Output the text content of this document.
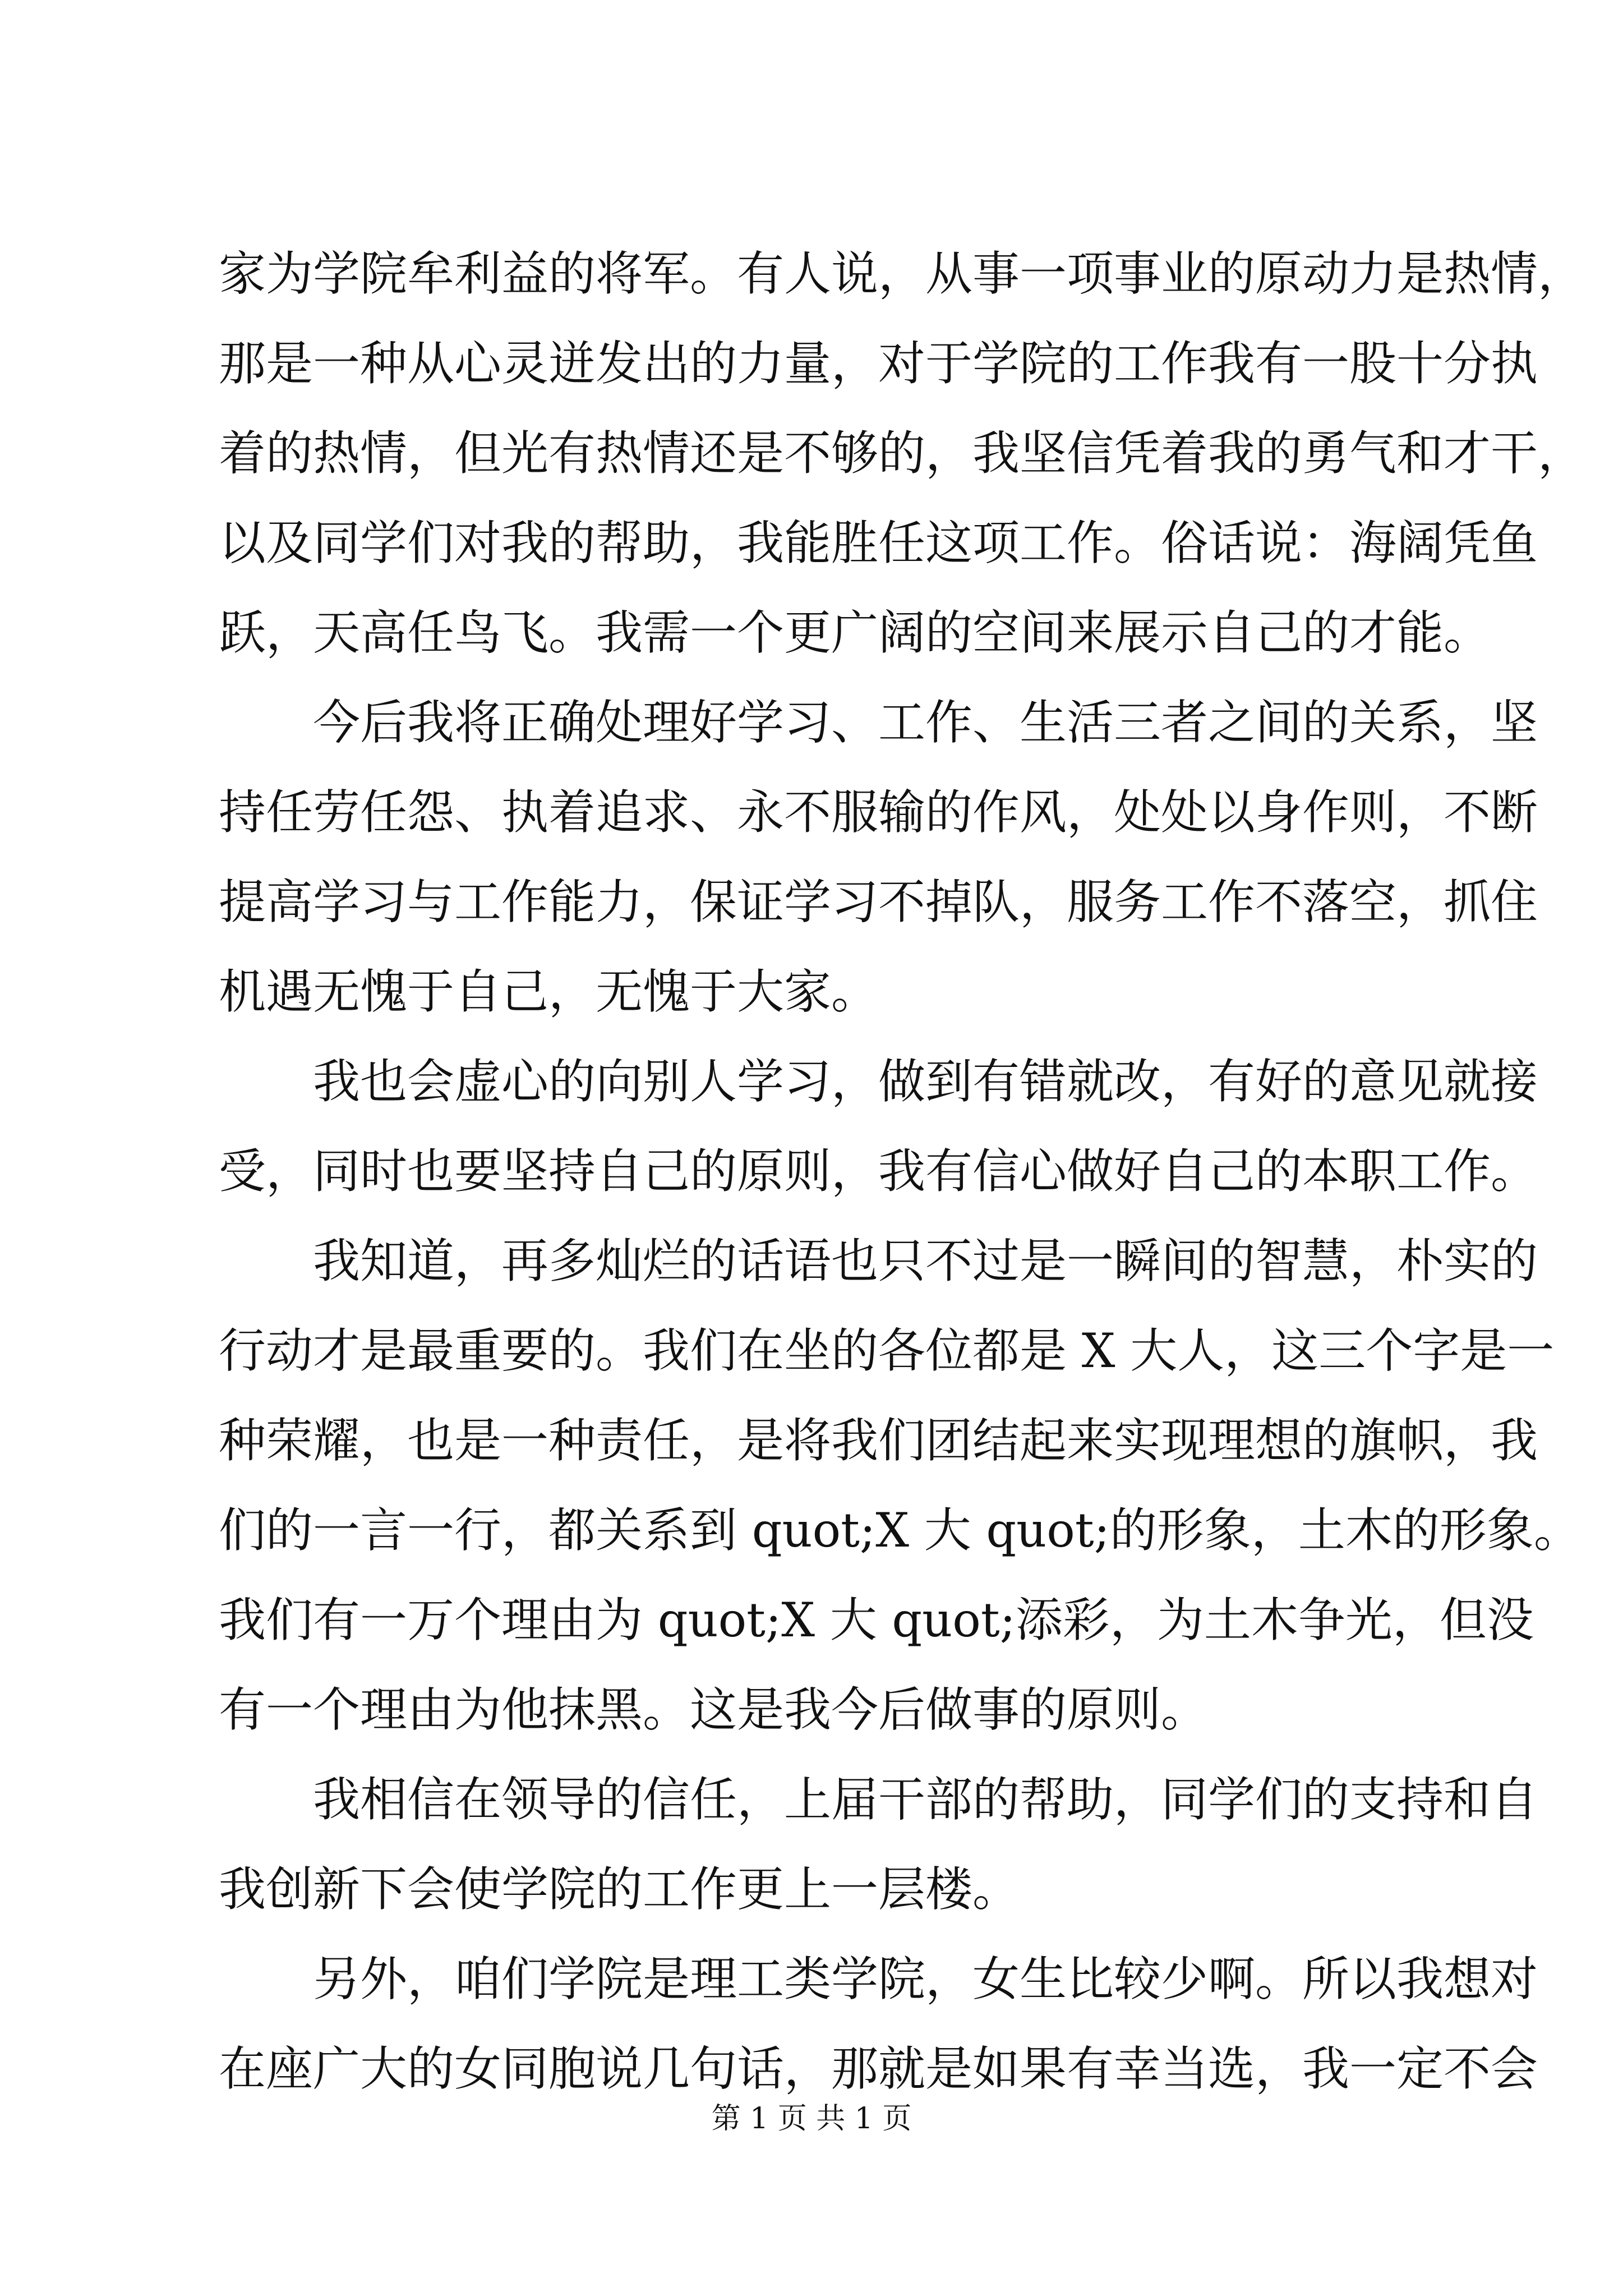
家为学院牟利益的将军。有人说，从事一项事业的原动力是热情，
那是一种从心灵迸发出的力量，对于学院的工作我有一股十分执
着的热情，但光有热情还是不够的，我坚信凭着我的勇气和才干，
以及同学们对我的帮助，我能胜任这项工作。俗话说：海阔凭鱼
跃，天高任鸟飞。我需一个更广阔的空间来展示自己的才能。
今后我将正确处理好学习、工作、生活三者之间的关系，坚
持任劳任怨、执着追求、永不服输的作风，处处以身作则，不断
提高学习与工作能力，保证学习不掉队，服务工作不落空，抓住
机遇无愧于自己，无愧于大家。
我也会虚心的向别人学习，做到有错就改，有好的意见就接
受，同时也要坚持自己的原则，我有信心做好自己的本职工作。
我知道，再多灿烂的话语也只不过是一瞬间的智慧，朴实的
行动才是最重要的。我们在坐的各位都是 X 大人，这三个字是一
种荣耀，也是一种责任，是将我们团结起来实现理想的旗帜，我
们的一言一行，都关系到 quot;X 大 quot;的形象，土木的形象。
我们有一万个理由为 quot;X 大 quot;添彩，为土木争光，但没
有一个理由为他抹黑。这是我今后做事的原则。
我相信在领导的信任，上届干部的帮助，同学们的支持和自
我创新下会使学院的工作更上一层楼。
另外，咱们学院是理工类学院，女生比较少啊。所以我想对
在座广大的女同胞说几句话，那就是如果有幸当选，我一定不会
第 1 页 共 1 页
